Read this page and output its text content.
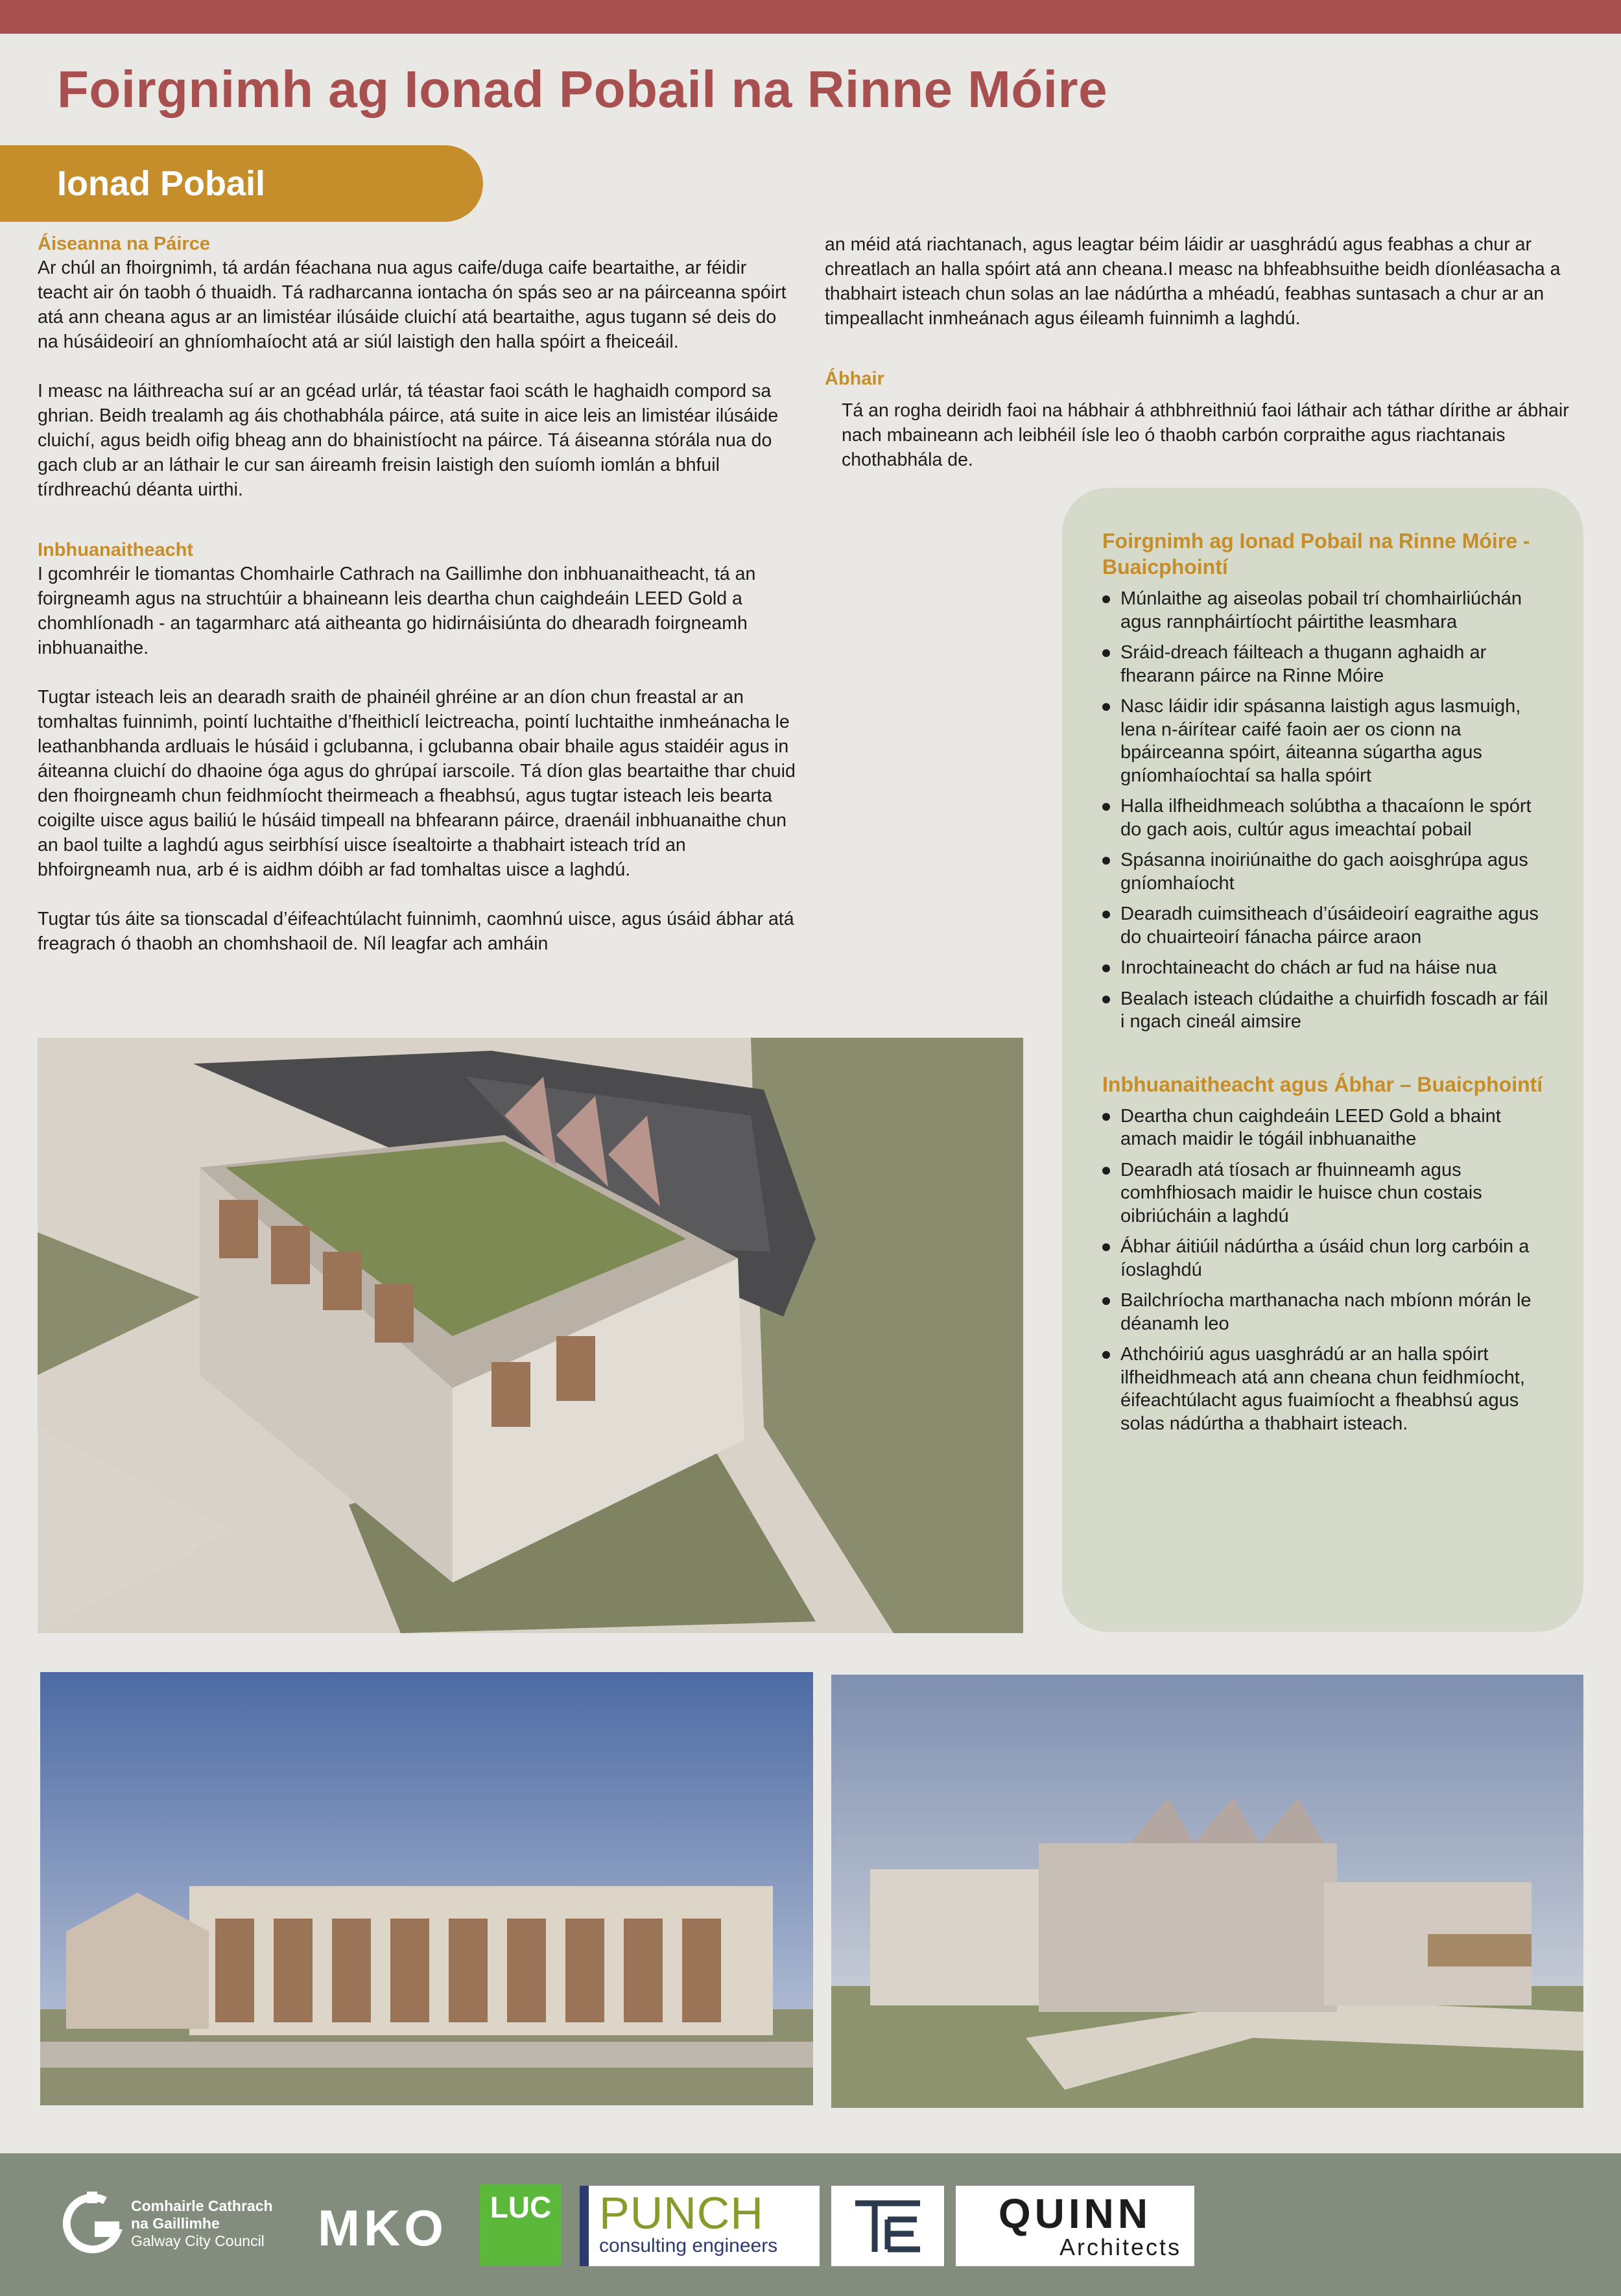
Foirgnimh ag Ionad Pobail na Rinne Móire
Ionad Pobail

Áiseanna na Páirce

Ar chúl an fhoirgnimh, tá ardán féachana nua agus caife/duga caife beartaithe, ar féidir teacht air ón taobh ó thuaidh. Tá radharcanna iontacha ón spás seo ar na páirceanna spóirt atá ann cheana agus ar an limistéar ilúsáide cluichí atá beartaithe, agus tugann sé deis do na húsáideoirí an ghníomhaíocht atá ar siúl laistigh den halla spóirt a fheiceáil.

I measc na láithreacha suí ar an gcéad urlár, tá téastar faoi scáth le haghaidh compord sa ghrian. Beidh trealamh ag áis chothabhála páirce, atá suite in aice leis an limistéar ilúsáide cluichí, agus beidh oifig bheag ann do bhainistíocht na páirce. Tá áiseanna stórála nua do gach club ar an láthair le cur san áireamh freisin laistigh den suíomh iomlán a bhfuil tírdhreachú déanta uirthi.

Inbhuanaitheacht

I gcomhréir le tiomantas Chomhairle Cathrach na Gaillimhe don inbhuanaitheacht, tá an foirgneamh agus na struchtúir a bhaineann leis deartha chun caighdeáin LEED Gold a chomhlíonadh - an tagarmharc atá aitheanta go hidirnáisiúnta do dhearadh foirgneamh inbhuanaithe.

Tugtar isteach leis an dearadh sraith de phainéil ghréine ar an díon chun freastal ar an tomhaltas fuinnimh, pointí luchtaithe d’fheithiclí leictreacha, pointí luchtaithe inmheánacha le leathanbhanda ardluais le húsáid i gclubanna, i gclubanna obair bhaile agus staidéir agus in áiteanna cluichí do dhaoine óga agus do ghrúpaí iarscoile. Tá díon glas beartaithe thar chuid den fhoirgneamh chun feidhmíocht theirmeach a fheabhsú, agus tugtar isteach leis bearta coigilte uisce agus bailiú le húsáid timpeall na bhfearann páirce, draenáil inbhuanaithe chun an baol tuilte a laghdú agus seirbhísí uisce ísealtoirte a thabhairt isteach tríd an bhfoirgneamh nua, arb é is aidhm dóibh ar fad tomhaltas uisce a laghdú.

Tugtar tús áite sa tionscadal d’éifeachtúlacht fuinnimh, caomhnú uisce, agus úsáid ábhar atá freagrach ó thaobh an chomhshaoil de. Níl leagfar ach amháin

an méid atá riachtanach, agus leagtar béim láidir ar uasghrádú agus feabhas a chur ar chreatlach an halla spóirt atá ann cheana.I measc na bhfeabhsuithe beidh díonléasacha a thabhairt isteach chun solas an lae nádúrtha a mhéadú, feabhas suntasach a chur ar an timpeallacht inmheánach agus éileamh fuinnimh a laghdú.

Ábhair

Tá an rogha deiridh faoi na hábhair á athbhreithniú faoi láthair ach táthar dírithe ar ábhair nach mbaineann ach leibhéil ísle leo ó thaobh carbón corpraithe agus riachtanais chothabhála de.

Foirgnimh ag Ionad Pobail na Rinne Móire - Buaicphointí
Múnlaithe ag aiseolas pobail trí chomhairliúchán agus rannpháirtíocht páirtithe leasmhara
Sráid-dreach fáilteach a thugann aghaidh ar fhearann páirce na Rinne Móire
Nasc láidir idir spásanna laistigh agus lasmuigh, lena n-áirítear caifé faoin aer os cionn na bpáirceanna spóirt, áiteanna súgartha agus gníomhaíochtaí sa halla spóirt
Halla ilfheidhmeach solúbtha a thacaíonn le spórt do gach aois, cultúr agus imeachtaí pobail
Spásanna inoiriúnaithe do gach aoisghrúpa agus gníomhaíocht
Dearadh cuimsitheach d’úsáideoirí eagraithe agus do chuairteoirí fánacha páirce araon
Inrochtaineacht do chách ar fud na háise nua
Bealach isteach clúdaithe a chuirfidh foscadh ar fáil i ngach cineál aimsire
Inbhuanaitheacht agus Ábhar – Buaicphointí
Deartha chun caighdeáin LEED Gold a bhaint amach maidir le tógáil inbhuanaithe
Dearadh atá tíosach ar fhuinneamh agus comhfhiosach maidir le huisce chun costais oibriúcháin a laghdú
Ábhar áitiúil nádúrtha a úsáid chun lorg carbóin a íoslaghdú
Bailchríocha marthanacha nach mbíonn mórán le déanamh leo
Athchóiriú agus uasghrádú ar an halla spóirt ilfheidhmeach atá ann cheana chun feidhmíocht, éifeachtúlacht agus fuaimíocht a fheabhsú agus solas nádúrtha a thabhairt isteach.
Comhairle Cathrach
na Gaillimhe
Galway City Council MKO	LUC PUNCH
consulting engineers
QUINN
Architects
